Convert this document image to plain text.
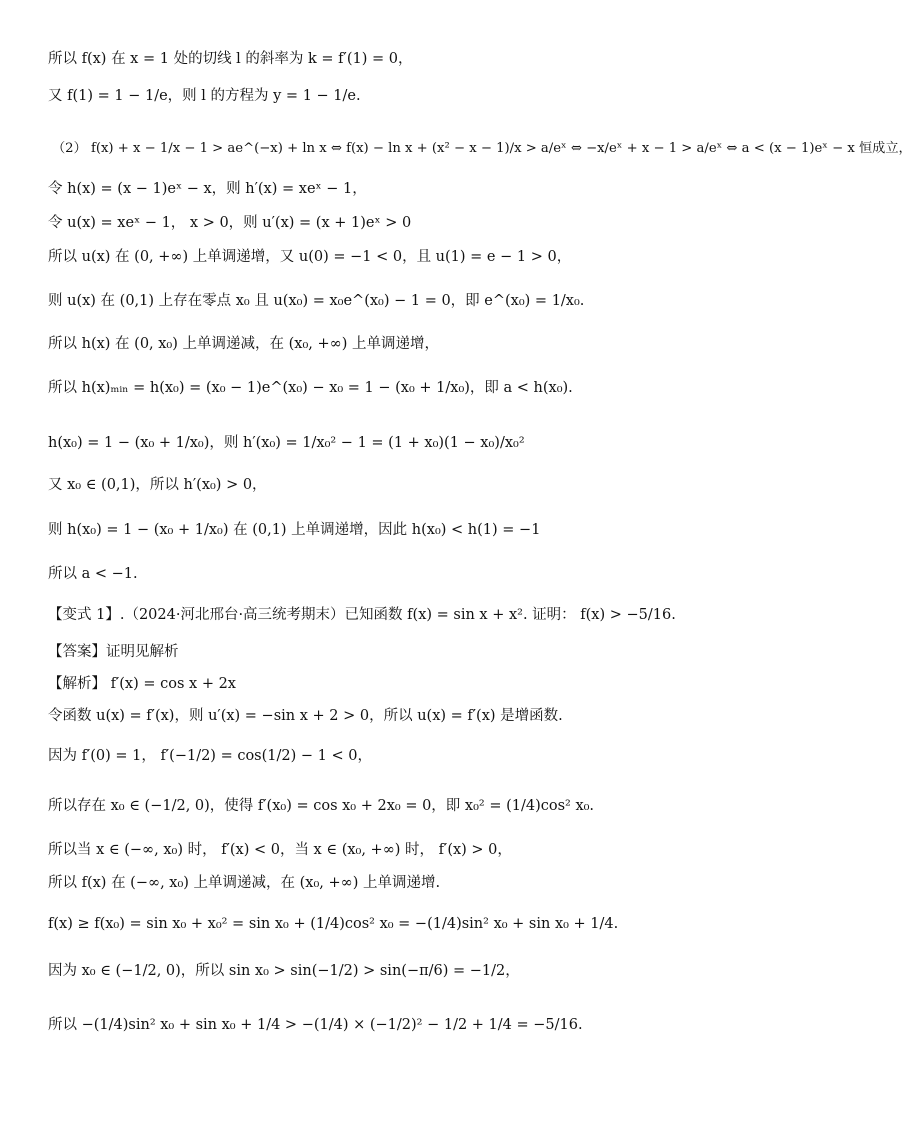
所以 f(x) 在 x = 1 处的切线 l 的斜率为 k = f′(1) = 0，
又 f(1) = 1 − 1/e，则 l 的方程为 y = 1 − 1/e.
（2） f(x) + x − 1/x − 1 > ae^(−x) + ln x ⇔ f(x) − ln x + (x² − x − 1)/x > a/eˣ ⇔ −x/eˣ + x − 1 > a/eˣ ⇔ a < (x − 1)eˣ − x 恒成立，
令 h(x) = (x − 1)eˣ − x，则 h′(x) = xeˣ − 1，
令 u(x) = xeˣ − 1， x > 0，则 u′(x) = (x + 1)eˣ > 0
所以 u(x) 在 (0, +∞) 上单调递增，又 u(0) = −1 < 0，且 u(1) = e − 1 > 0，
则 u(x) 在 (0,1) 上存在零点 x₀ 且 u(x₀) = x₀e^(x₀) − 1 = 0，即 e^(x₀) = 1/x₀.
所以 h(x) 在 (0, x₀) 上单调递减，在 (x₀, +∞) 上单调递增，
所以 h(x)ₘᵢₙ = h(x₀) = (x₀ − 1)e^(x₀) − x₀ = 1 − (x₀ + 1/x₀)，即 a < h(x₀).
h(x₀) = 1 − (x₀ + 1/x₀)，则 h′(x₀) = 1/x₀² − 1 = (1 + x₀)(1 − x₀)/x₀²
又 x₀ ∈ (0,1)，所以 h′(x₀) > 0，
则 h(x₀) = 1 − (x₀ + 1/x₀) 在 (0,1) 上单调递增，因此 h(x₀) < h(1) = −1
所以 a < −1.
【变式 1】.（2024·河北邢台·高三统考期末）已知函数 f(x) = sin x + x². 证明： f(x) > −5/16.
【答案】证明见解析
【解析】 f′(x) = cos x + 2x
令函数 u(x) = f′(x)，则 u′(x) = −sin x + 2 > 0，所以 u(x) = f′(x) 是增函数.
因为 f′(0) = 1， f′(−1/2) = cos(1/2) − 1 < 0，
所以存在 x₀ ∈ (−1/2, 0)，使得 f′(x₀) = cos x₀ + 2x₀ = 0，即 x₀² = (1/4)cos² x₀.
所以当 x ∈ (−∞, x₀) 时， f′(x) < 0，当 x ∈ (x₀, +∞) 时， f′(x) > 0，
所以 f(x) 在 (−∞, x₀) 上单调递减，在 (x₀, +∞) 上单调递增.
f(x) ≥ f(x₀) = sin x₀ + x₀² = sin x₀ + (1/4)cos² x₀ = −(1/4)sin² x₀ + sin x₀ + 1/4.
因为 x₀ ∈ (−1/2, 0)，所以 sin x₀ > sin(−1/2) > sin(−π/6) = −1/2，
所以 −(1/4)sin² x₀ + sin x₀ + 1/4 > −(1/4) × (−1/2)² − 1/2 + 1/4 = −5/16.
